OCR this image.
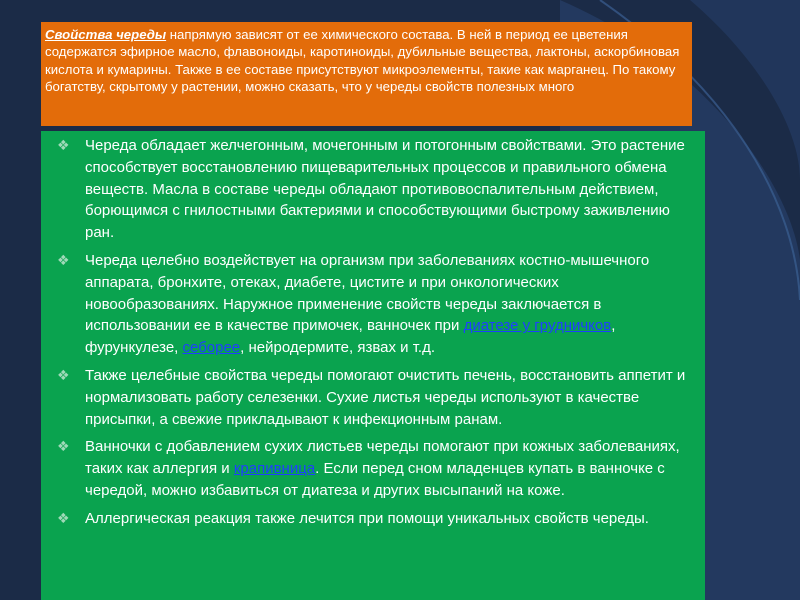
Свойства череды напрямую зависят от ее химического состава. В ней в период ее цветения содержатся эфирное масло, флавоноиды, каротиноиды, дубильные вещества, лактоны, аскорбиновая кислота и кумарины. Также в ее составе присутствуют микроэлементы, такие как марганец. По такому богатству, скрытому у растении, можно сказать, что у череды свойств полезных много
❖ Череда обладает желчегонным, мочегонным и потогонным свойствами. Это растение способствует восстановлению пищеварительных процессов и правильного обмена веществ. Масла в составе череды обладают противовоспалительным действием, борющимся с гнилостными бактериями и способствующими быстрому заживлению ран.
❖ Череда целебно воздействует на организм при заболеваниях костно-мышечного аппарата, бронхите, отеках, диабете, цистите и при онкологических новообразованиях. Наружное применение свойств череды заключается в использовании ее в качестве примочек, ванночек при диатезе у грудничков, фурункулезе, себорее, нейродермите, язвах и т.д.
❖ Также целебные свойства череды помогают очистить печень, восстановить аппетит и нормализовать работу селезенки. Сухие листья череды используют в качестве присыпки, а свежие прикладывают к инфекционным ранам.
❖ Ванночки с добавлением сухих листьев череды помогают при кожных заболеваниях, таких как аллергия и крапивница. Если перед сном младенцев купать в ванночке с чередой, можно избавиться от диатеза и других высыпаний на коже.
❖ Аллергическая реакция также лечится при помощи уникальных свойств череды.
